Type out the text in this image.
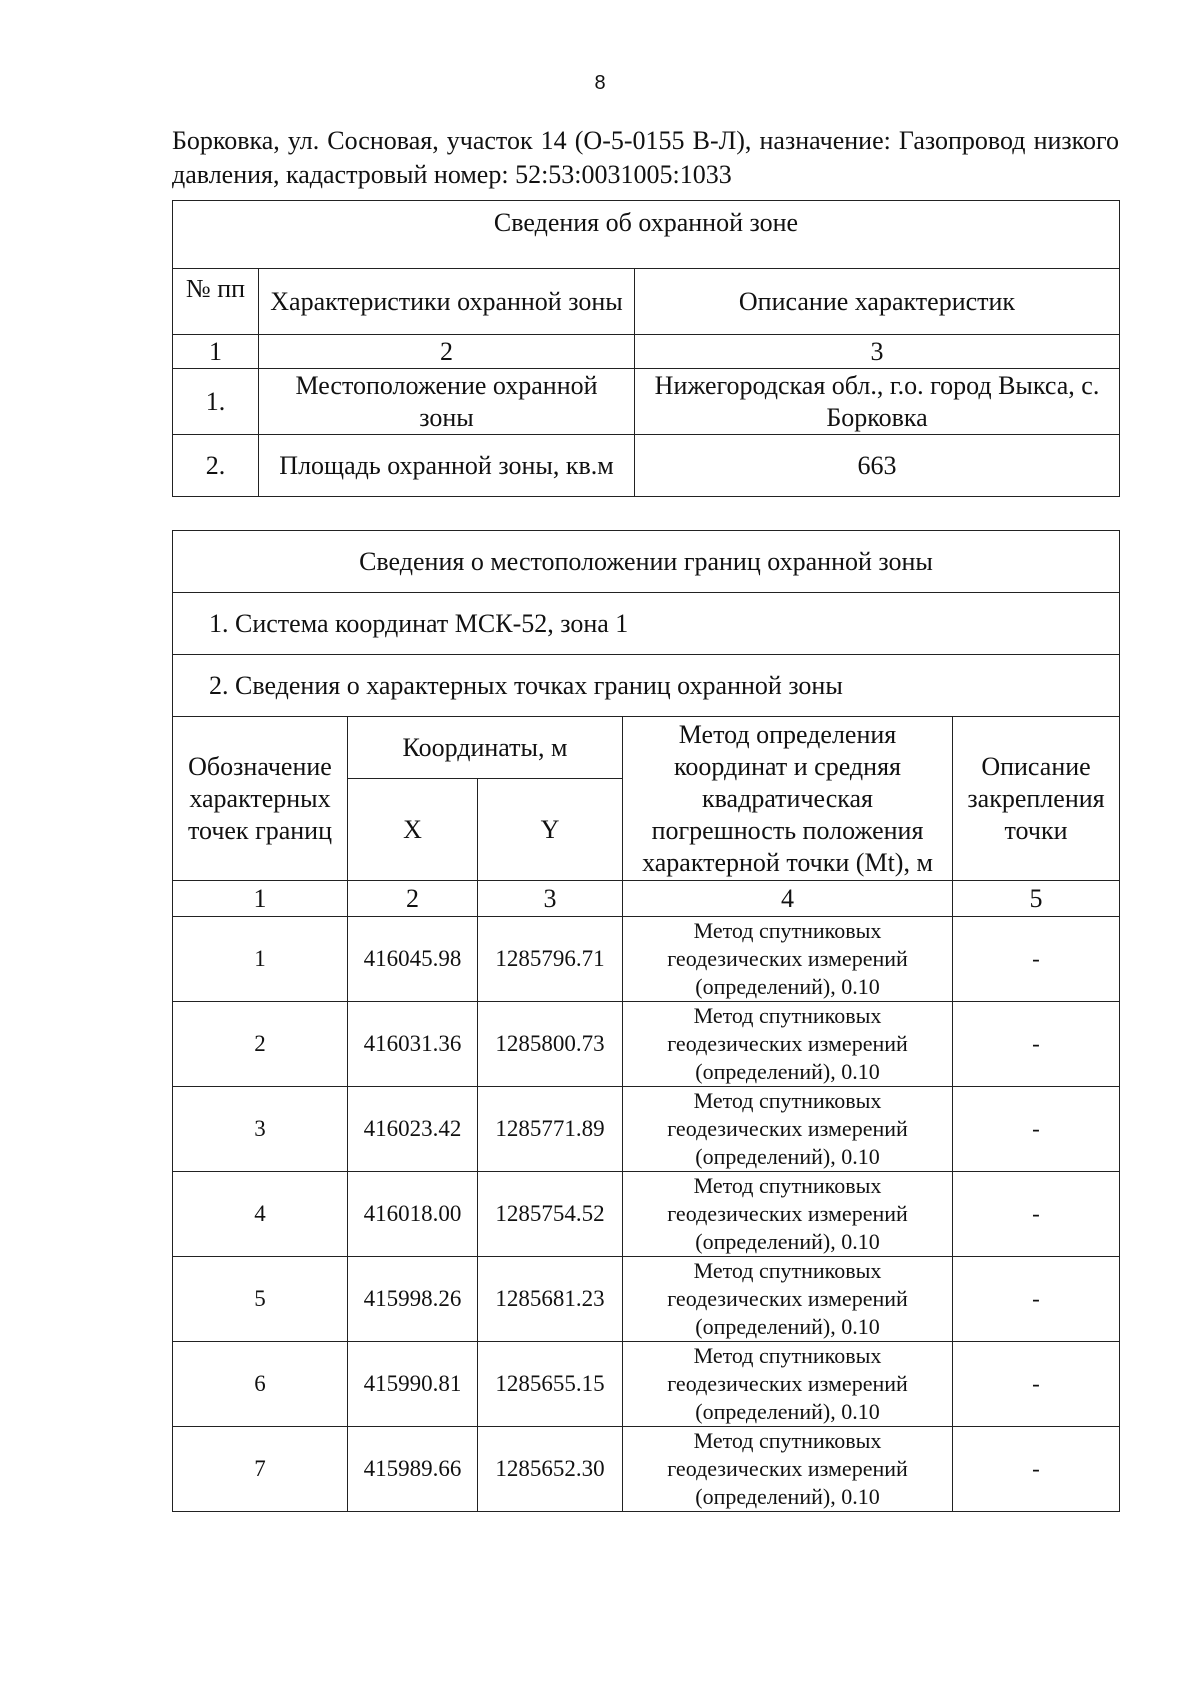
8
Борковка, ул. Сосновая, участок 14 (О-5-0155 В-Л), назначение: Газопровод низкого давления, кадастровый номер: 52:53:0031005:1033
Сведения об охранной зоне		
№ пп	Характеристики охранной зоны	Описание характеристик
1	2	3
1.	Местоположение охранной зоны	Нижегородская обл., г.о. город Выкса, с. Борковка
2.	Площадь охранной зоны, кв.м	663
Сведения о местоположении границ охранной зоны				
1. Система координат МСК-52, зона 1				
2. Сведения о характерных точках границ охранной зоны				
Обозначение характерных точек границ	Координаты, м		Метод определения координат и средняя квадратическая погрешность положения характерной точки (Mt), м	Описание закрепления точки
	X	Y		
1	2	3	4	5
1	416045.98	1285796.71	Метод спутниковых геодезических измерений (определений), 0.10	-
2	416031.36	1285800.73	Метод спутниковых геодезических измерений (определений), 0.10	-
3	416023.42	1285771.89	Метод спутниковых геодезических измерений (определений), 0.10	-
4	416018.00	1285754.52	Метод спутниковых геодезических измерений (определений), 0.10	-
5	415998.26	1285681.23	Метод спутниковых геодезических измерений (определений), 0.10	-
6	415990.81	1285655.15	Метод спутниковых геодезических измерений (определений), 0.10	-
7	415989.66	1285652.30	Метод спутниковых геодезических измерений (определений), 0.10	-
